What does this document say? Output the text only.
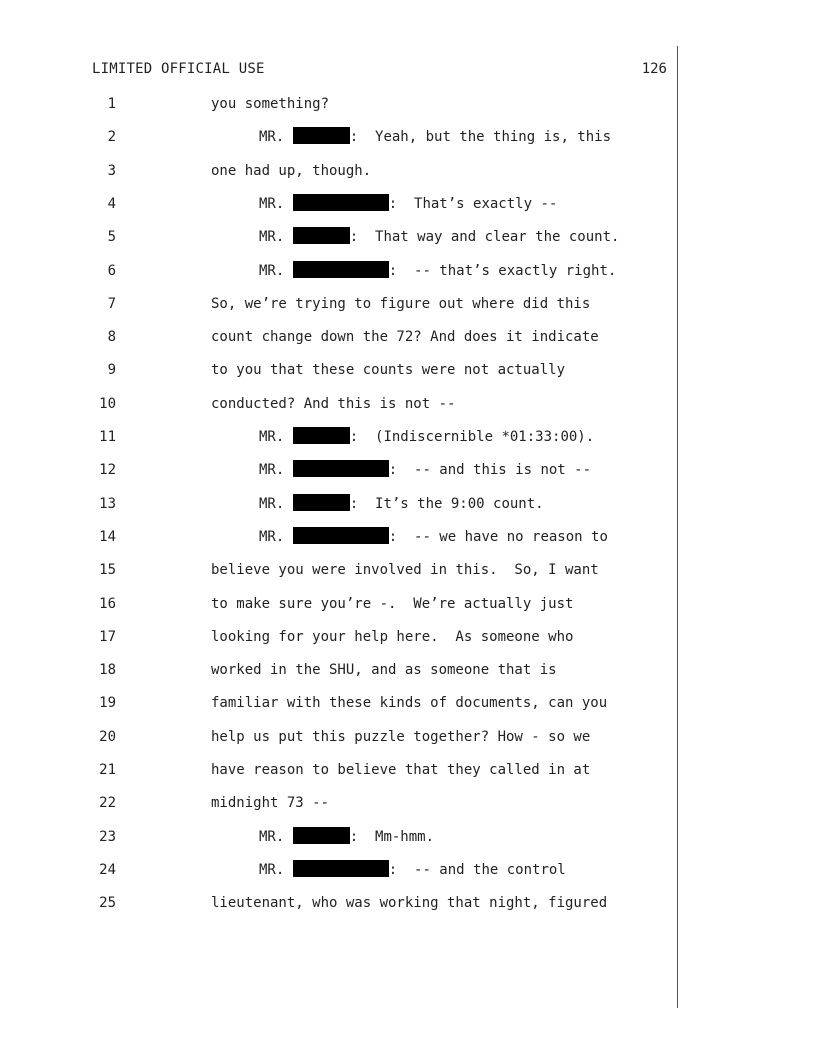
LIMITED OFFICIAL USE	126
1	you something?
2	MR.	:  Yeah, but the thing is, this
3	one had up, though.
4	MR.	:  That’s exactly --
5	MR.	:  That way and clear the count.
6	MR.	:  -- that’s exactly right.
7	So, we’re trying to figure out where did this
8	count change down the 72? And does it indicate
9	to you that these counts were not actually
10	conducted? And this is not --
11	MR.	:  (Indiscernible *01:33:00).
12	MR.	:  -- and this is not --
13	MR.	:  It’s the 9:00 count.
14	MR.	:  -- we have no reason to
15	believe you were involved in this.  So, I want
16	to make sure you’re -.  We’re actually just
17	looking for your help here.  As someone who
18	worked in the SHU, and as someone that is
19	familiar with these kinds of documents, can you
20	help us put this puzzle together? How - so we
21	have reason to believe that they called in at
22	midnight 73 --
23	MR.	:  Mm-hmm.
24	MR.	:  -- and the control
25	lieutenant, who was working that night, figured
